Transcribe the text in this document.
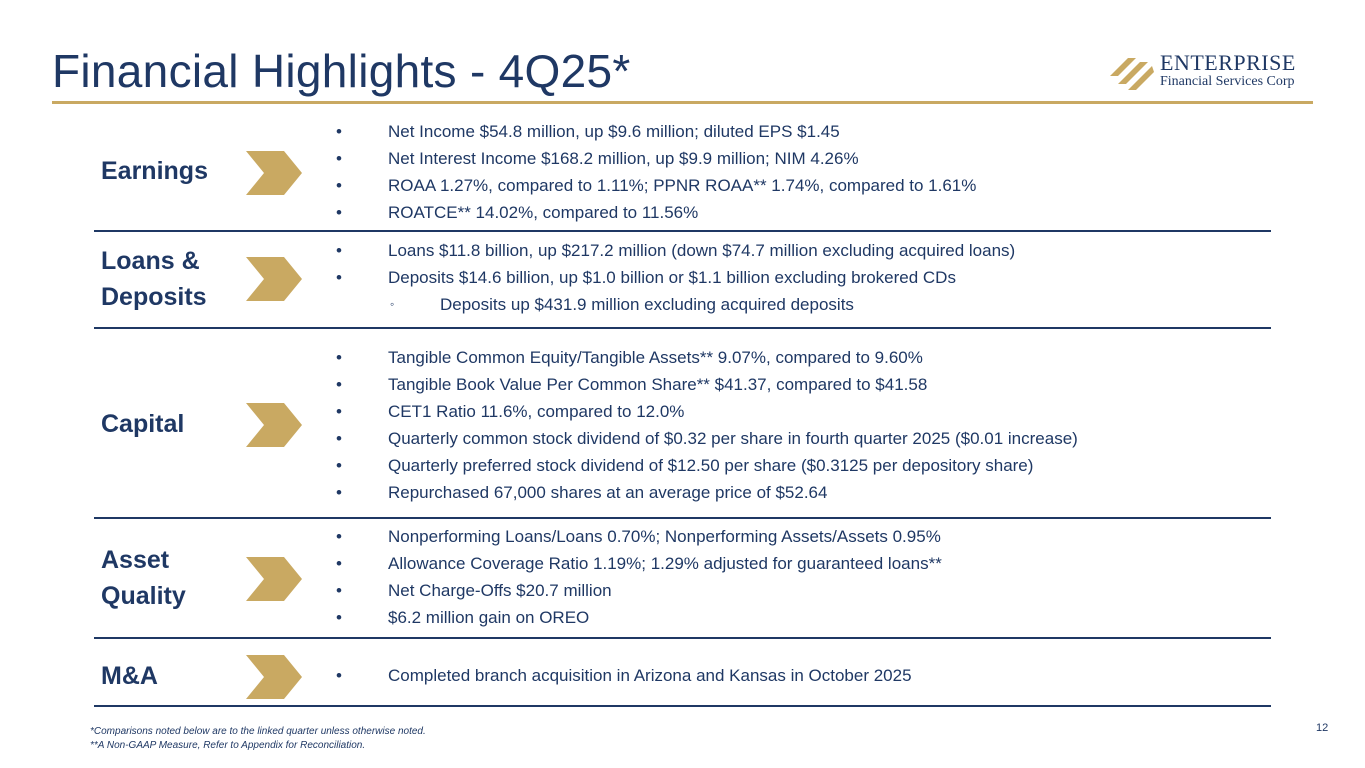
Financial Highlights - 4Q25*	ENTERPRISE
Financial Services Corp
Earnings
•	Net Income $54.8 million, up $9.6 million; diluted EPS $1.45
•	Net Interest Income $168.2 million, up $9.9 million; NIM 4.26%
•	ROAA 1.27%, compared to 1.11%; PPNR ROAA** 1.74%, compared to 1.61%
•	ROATCE** 14.02%, compared to 11.56%
Loans &
Deposits
•	Loans $11.8 billion, up $217.2 million (down $74.7 million excluding acquired loans)
•	Deposits $14.6 billion, up $1.0 billion or $1.1 billion excluding brokered CDs
◦	Deposits up $431.9 million excluding acquired deposits
Capital
•	Tangible Common Equity/Tangible Assets** 9.07%, compared to 9.60%
•	Tangible Book Value Per Common Share** $41.37, compared to $41.58
•	CET1 Ratio 11.6%, compared to 12.0%
•	Quarterly common stock dividend of $0.32 per share in fourth quarter 2025 ($0.01 increase)
•	Quarterly preferred stock dividend of $12.50 per share ($0.3125 per depository share)
•	Repurchased 67,000 shares at an average price of $52.64
Asset
Quality
•	Nonperforming Loans/Loans 0.70%; Nonperforming Assets/Assets 0.95%
•	Allowance Coverage Ratio 1.19%; 1.29% adjusted for guaranteed loans**
•	Net Charge-Offs $20.7 million
•	$6.2 million gain on OREO
M&A	•	Completed branch acquisition in Arizona and Kansas in October 2025
*Comparisons noted below are to the linked quarter unless otherwise noted.
**A Non-GAAP Measure, Refer to Appendix for Reconciliation.
12
